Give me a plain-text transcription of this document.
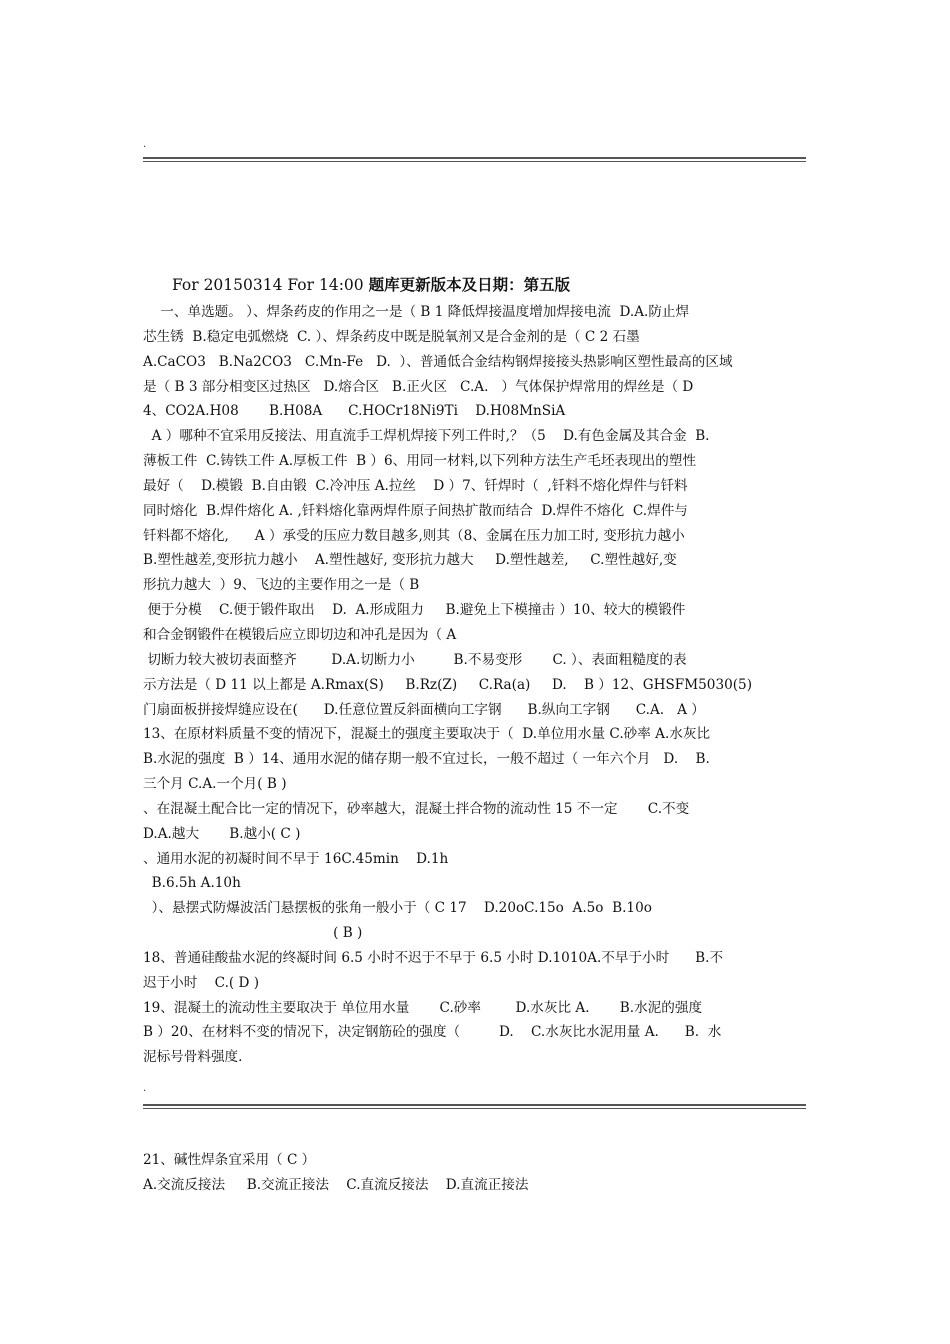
.
For 20150314 For 14:00 题库更新版本及日期：第五版
一、单选题。 ）、焊条药皮的作用之一是（ B 1 降低焊接温度增加焊接电流  D.A.防止焊
芯生锈  B.稳定电弧燃烧  C. ）、焊条药皮中既是脱氧剂又是合金剂的是（ C 2 石墨
A.CaCO3   B.Na2CO3   C.Mn-Fe   D.  ）、普通低合金结构钢焊接接头热影响区塑性最高的区域
是（ B 3 部分相变区过热区   D.熔合区   B.正火区   C.A.   ）气体保护焊常用的焊丝是（ D
4、CO2A.H08       B.H08A      C.HOCr18Ni9Ti    D.H08MnSiA
A ）哪种不宜采用反接法、用直流手工焊机焊接下列工件时,？（5    D.有色金属及其合金  B.
薄板工件  C.铸铁工件 A.厚板工件  B ）6、用同一材料,以下列种方法生产毛坯表现出的塑性
最好（    D.模锻  B.自由锻  C.冷冲压 A.拉丝    D ）7、钎焊时（  ,钎料不熔化焊件与钎料
同时熔化  B.焊件熔化 A. ,钎料熔化靠两焊件原子间热扩散而结合  D.焊件不熔化  C.焊件与
钎料都不熔化,      A ）承受的压应力数目越多,则其（8、金属在压力加工时, 变形抗力越小
B.塑性越差,变形抗力越小    A.塑性越好, 变形抗力越大     D.塑性越差,     C.塑性越好,变
形抗力越大  ）9、飞边的主要作用之一是（ B
便于分模    C.便于锻件取出    D.  A.形成阻力     B.避免上下模撞击 ）10、较大的模锻件
和合金钢锻件在模锻后应立即切边和冲孔是因为（ A
切断力较大被切表面整齐        D.A.切断力小         B.不易变形       C. ）、表面粗糙度的表
示方法是（ D 11 以上都是 A.Rmax(S)     B.Rz(Z)     C.Ra(a)     D.    B ）12、GHSFM5030(5)
门扇面板拼接焊缝应设在(      D.任意位置反斜面横向工字钢      B.纵向工字钢      C.A.   A ）
13、在原材料质量不变的情况下，混凝土的强度主要取决于（  D.单位用水量 C.砂率 A.水灰比
B.水泥的强度  B ）14、通用水泥的储存期一般不宜过长，一般不超过（ 一年六个月   D.    B.
三个月 C.A.一个月( B )
、在混凝土配合比一定的情况下，砂率越大，混凝土拌合物的流动性 15 不一定       C.不变
D.A.越大       B.越小( C )
、通用水泥的初凝时间不早于 16C.45min    D.1h
B.6.5h A.10h
）、悬摆式防爆波活门悬摆板的张角一般小于（ C 17    D.20oC.15o  A.5o  B.10o
( B )
18、普通硅酸盐水泥的终凝时间 6.5 小时不迟于不早于 6.5 小时 D.1010A.不早于小时      B.不
迟于小时    C.( D )
19、混凝土的流动性主要取决于 单位用水量       C.砂率        D.水灰比 A.       B.水泥的强度
B ）20、在材料不变的情况下，决定钢筋砼的强度（         D.    C.水灰比水泥用量 A.      B.  水
泥标号骨料强度.
.
21、碱性焊条宜采用（ C ）
A.交流反接法     B.交流正接法    C.直流反接法    D.直流正接法
